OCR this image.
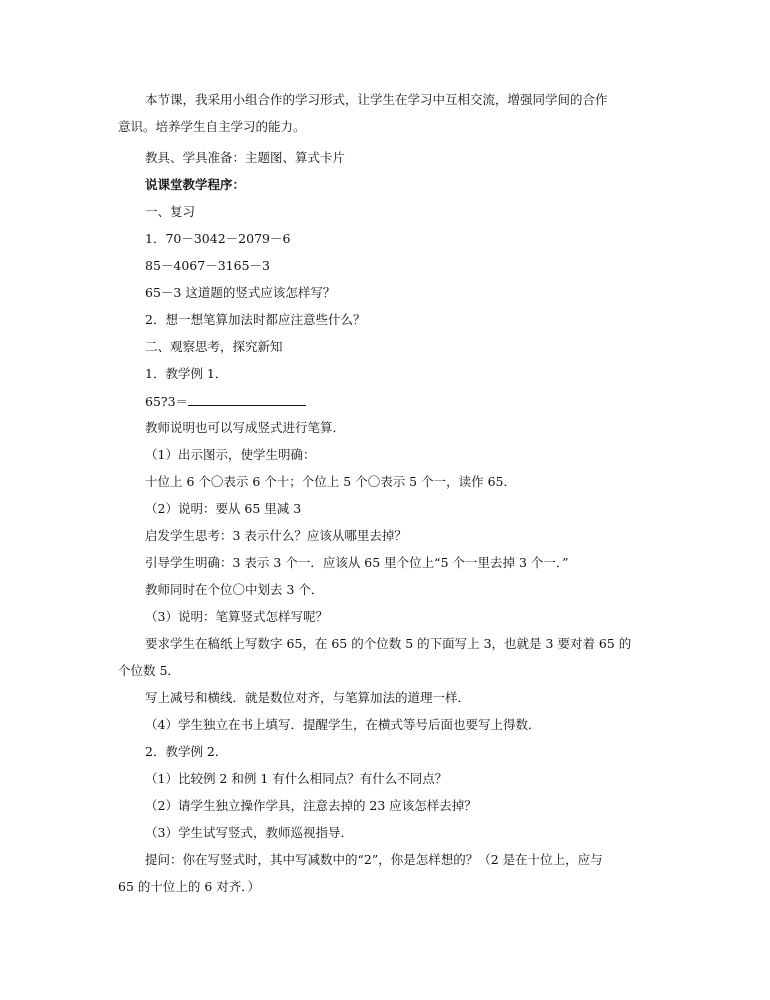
本节课，我采用小组合作的学习形式，让学生在学习中互相交流，增强同学间的合作
意识。培养学生自主学习的能力。
教具、学具准备：主题图、算式卡片
说课堂教学程序：
一、复习
1．70－3042－2079－6
85－4067－3165－3
65－3 这道题的竖式应该怎样写？
2．想一想笔算加法时都应注意些什么？
二、观察思考，探究新知
1．教学例 1．
65?3＝
教师说明也可以写成竖式进行笔算．
（1）出示图示，使学生明确：
十位上 6 个〇表示 6 个十；个位上 5 个〇表示 5 个一，读作 65．
（2）说明：要从 65 里减 3
启发学生思考：3 表示什么？应该从哪里去掉？
引导学生明确：3 表示 3 个一．应该从 65 里个位上“5 个一里去掉 3 个一．”
教师同时在个位〇中划去 3 个．
（3）说明：笔算竖式怎样写呢？
要求学生在稿纸上写数字 65，在 65 的个位数 5 的下面写上 3，也就是 3 要对着 65 的
个位数 5．
写上减号和横线．就是数位对齐，与笔算加法的道理一样．
（4）学生独立在书上填写．提醒学生，在横式等号后面也要写上得数．
2．教学例 2．
（1）比较例 2 和例 1 有什么相同点？有什么不同点？
（2）请学生独立操作学具，注意去掉的 23 应该怎样去掉？
（3）学生试写竖式，教师巡视指导．
提问：你在写竖式时，其中写减数中的“2”，你是怎样想的？（2 是在十位上，应与
65 的十位上的 6 对齐．）
